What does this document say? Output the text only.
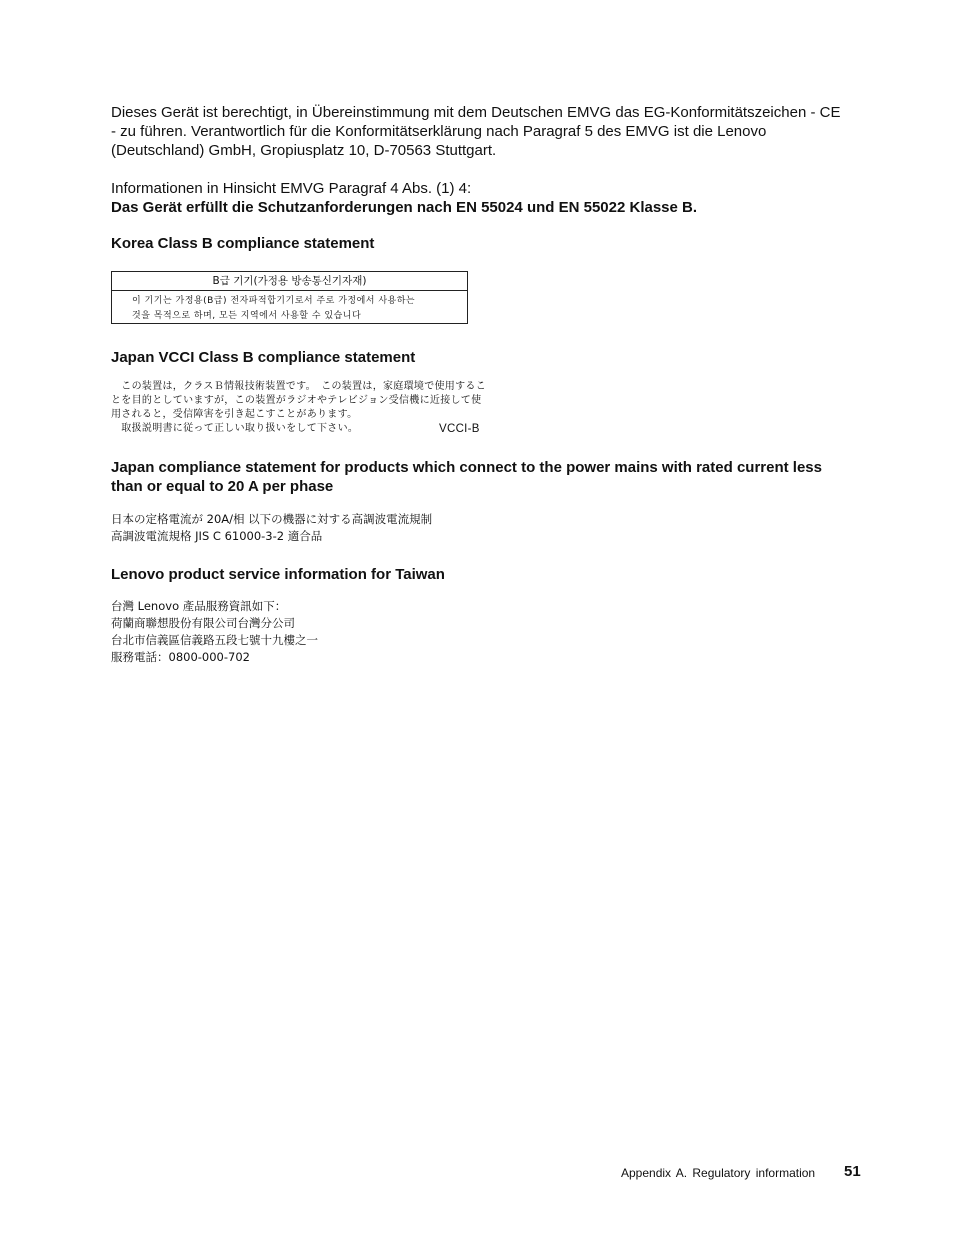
Dieses Gerät ist berechtigt, in Übereinstimmung mit dem Deutschen EMVG das EG-Konformitätszeichen - CE - zu führen. Verantwortlich für die Konformitätserklärung nach Paragraf 5 des EMVG ist die Lenovo (Deutschland) GmbH, Gropiusplatz 10, D-70563 Stuttgart.

Informationen in Hinsicht EMVG Paragraf 4 Abs. (1) 4:

Das Gerät erfüllt die Schutzanforderungen nach EN 55024 und EN 55022 Klasse B.

Korea Class B compliance statement

B급 기기(가정용 방송통신기자재)
이 기기는 가정용(B급) 전자파적합기기로서 주로 가정에서 사용하는
것을 목적으로 하며, 모든 지역에서 사용할 수 있습니다

Japan VCCI Class B compliance statement

　この装置は，クラスＢ情報技術装置です。　この装置は，家庭環境で使用するこ
とを目的としていますが，この装置がラジオやテレビジョン受信機に近接して使
用されると，受信障害を引き起こすことがあります。
　取扱説明書に従って正しい取り扱いをして下さい。	VCCI-B

Japan compliance statement for products which connect to the power mains with rated current less than or equal to 20 A per phase

日本の定格電流が 20A/相 以下の機器に対する高調波電流規制
高調波電流規格 JIS C 61000-3-2 適合品

Lenovo product service information for Taiwan

台灣 Lenovo 產品服務資訊如下：
荷蘭商聯想股份有限公司台灣分公司
台北市信義區信義路五段七號十九樓之一
服務電話：0800-000-702
Appendix A. Regulatory information 51
